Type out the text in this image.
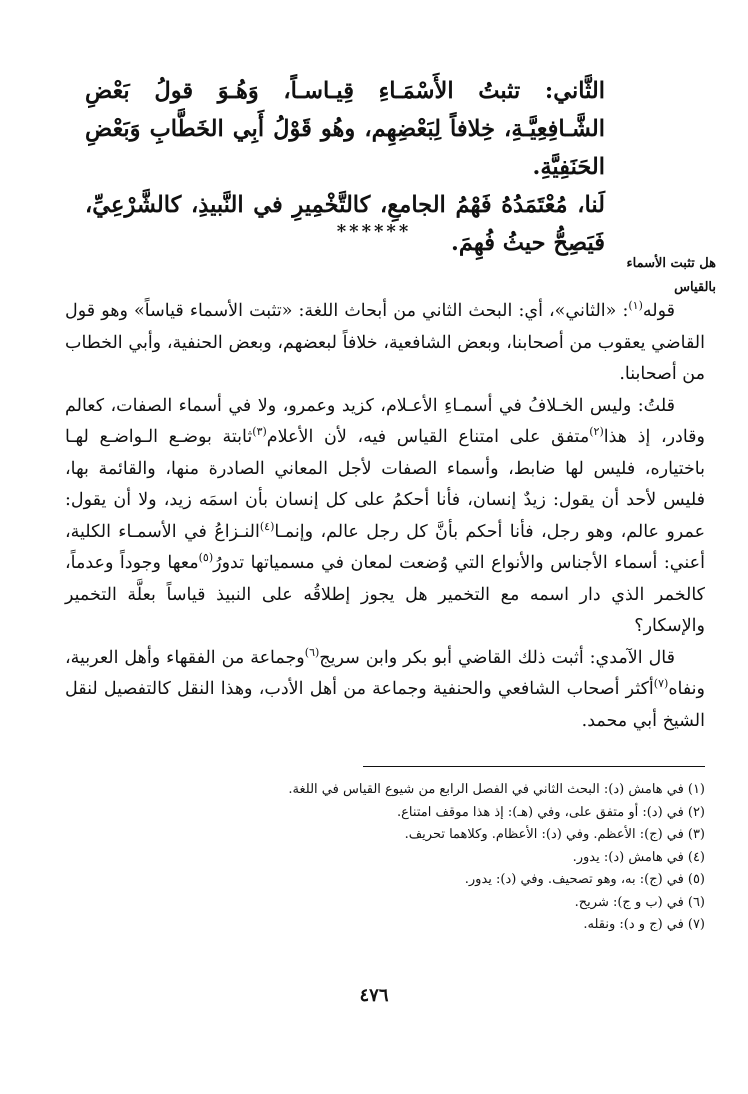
الثَّاني: تثبتُ الأَسْمَـاءِ قِيـاسـاً، وَهُـوَ قولُ بَعْضِ الشَّـافِعِيَّـةِ، خِلافاً لِبَعْضِهِم، وهُو قَوْلُ أَبِي الخَطَّابِ وَبَعْضِ الحَنَفِيَّةِ.

لَنا، مُعْتَمَدُهُ فَهْمُ الجامعِ، كالتَّخْمِيرِ في النَّبيذِ، كالشَّرْعِيِّ، فَيَصِحُّ حيثُ فُهِمَ.

******
هل تثبت الأسماء
بالقياس

قوله$^{(١)}$: «الثاني»، أي: البحث الثاني من أبحاث اللغة: «تثبت الأسماء قياساً» وهو قول القاضي يعقوب من أصحابنا، وبعض الشافعية، خلافاً لبعضهم، وبعض الحنفية، وأبي الخطاب من أصحابنا.

قلتُ: وليس الخـلافُ في أسمـاءِ الأعـلام، كزيد وعمرو، ولا في أسماء الصفات، كعالم وقادر، إذ هذا$^{(٢)}$متفق على امتناع القياس فيه، لأن الأعلام$^{(٣)}$ثابتة بوضـع الـواضـع لهـا باختياره، فليس لها ضابط، وأسماء الصفات لأجل المعاني الصادرة منها، والقائمة بها، فليس لأحد أن يقول: زيدٌ إنسان، فأنا أحكمُ على كل إنسان بأن اسمَه زيد، ولا أن يقول: عمرو عالم، وهو رجل، فأنا أحكم بأنَّ كل رجل عالم، وإنمـا$^{(٤)}$النـزاعُ في الأسمـاء الكلية، أعني: أسماء الأجناس والأنواع التي وُضعت لمعان في مسمياتها تدورُ$^{(٥)}$معها وجوداً وعدماً، كالخمر الذي دار اسمه مع التخمير هل يجوز إطلاقُه على النبيذ قياساً بعلَّة التخمير والإسكار؟

قال الآمدي: أثبت ذلك القاضي أبو بكر وابن سريج$^{(٦)}$وجماعة من الفقهاء وأهل العربية، ونفاه$^{(٧)}$أكثر أصحاب الشافعي والحنفية وجماعة من أهل الأدب، وهذا النقل كالتفصيل لنقل الشيخ أبي محمد.

(١)في هامش (د): البحث الثاني في الفصل الرابع من شيوع القياس في اللغة.
(٢)في (د): أو متفق على، وفي (هـ): إذ هذا موقف امتناع.
(٣)في (ج): الأعظم. وفي (د): الأعظام. وكلاهما تحريف.
(٤)في هامش (د): يدور.
(٥)في (ج): به، وهو تصحيف. وفي (د): يدور.
(٦)في (ب و ج): شريح.
(٧)في (ج و د): ونقله.
٤٧٦
